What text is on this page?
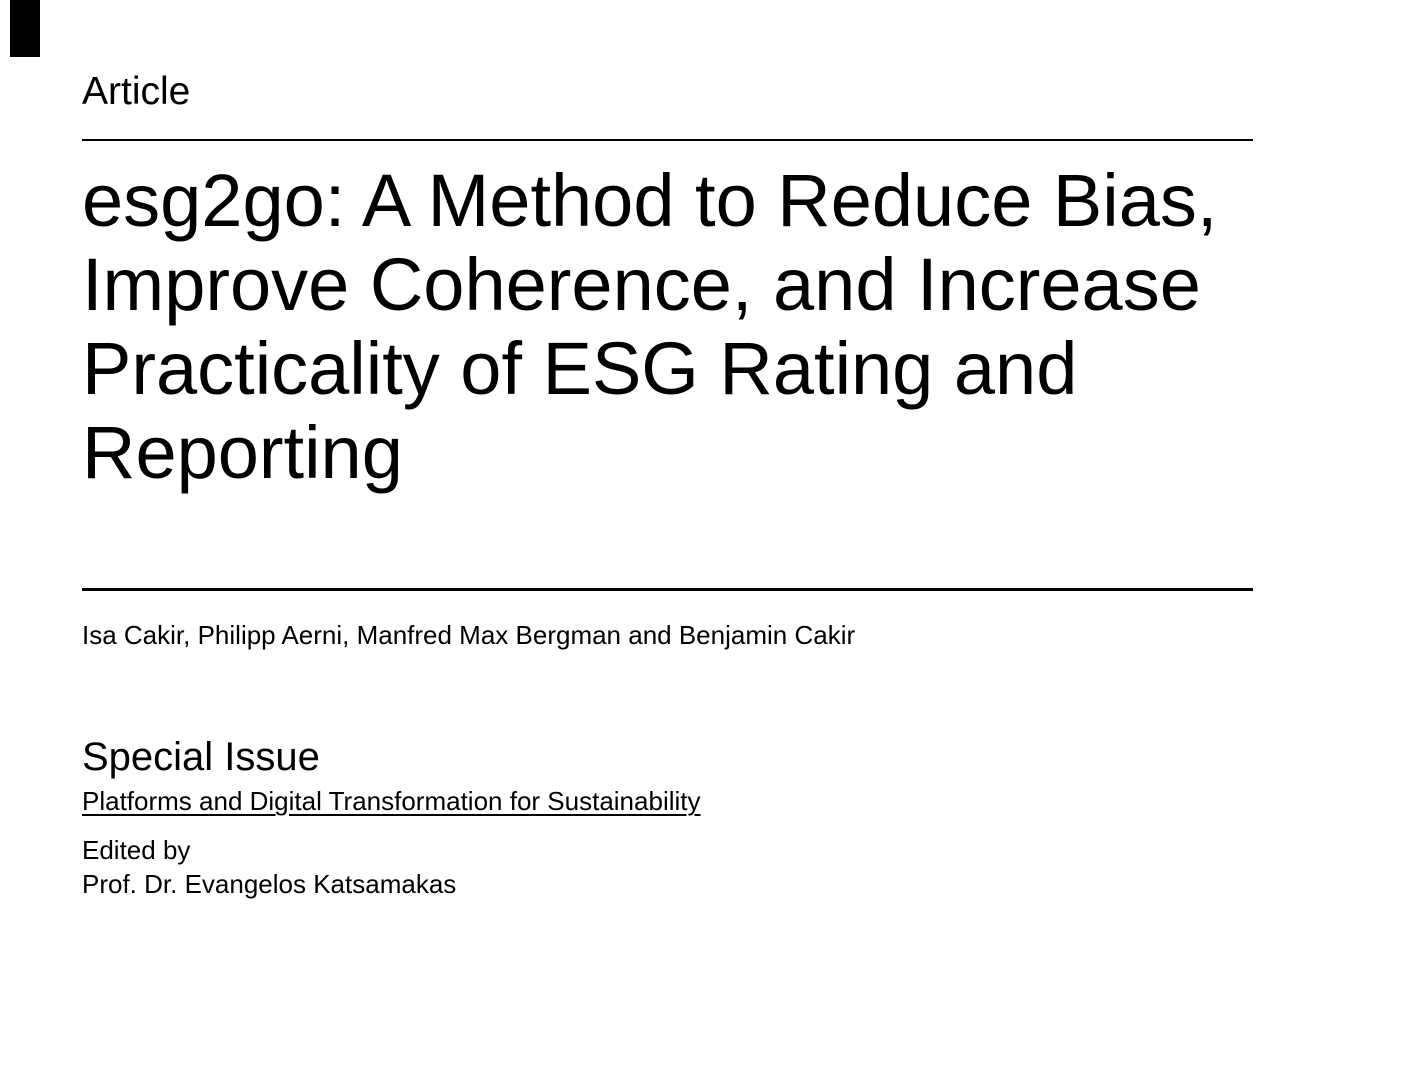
Article
esg2go: A Method to Reduce Bias,
Improve Coherence, and Increase
Practicality of ESG Rating and
Reporting
Isa Cakir, Philipp Aerni, Manfred Max Bergman and Benjamin Cakir
Special Issue
Platforms and Digital Transformation for Sustainability
Edited by
Prof. Dr. Evangelos Katsamakas
